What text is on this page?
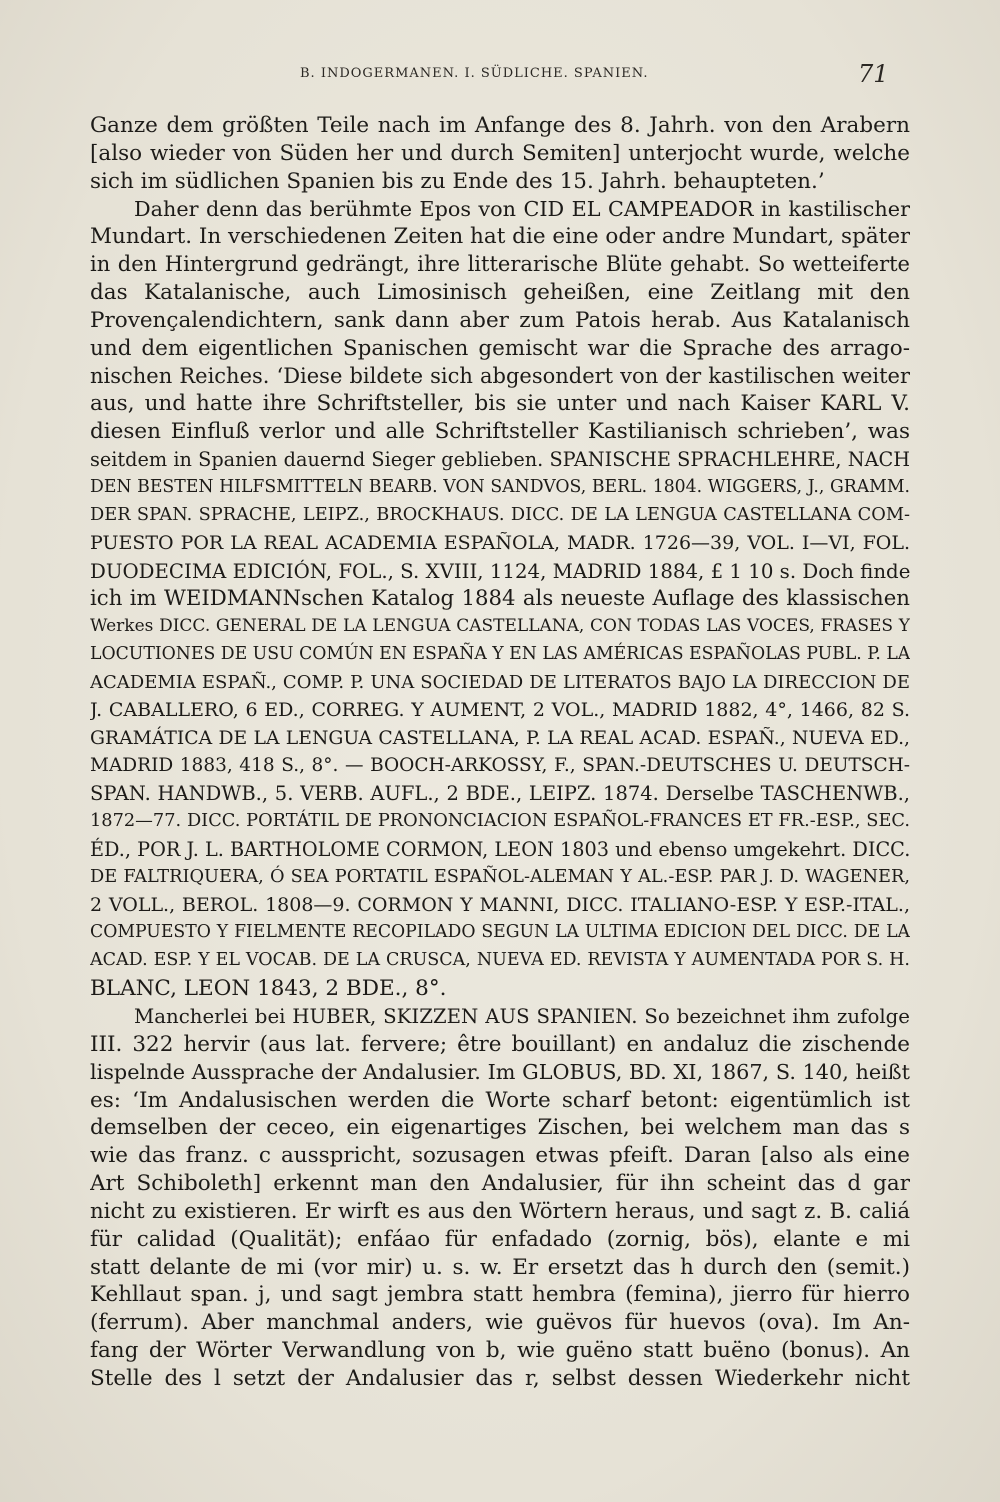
B. INDOGERMANEN. I. SÜDLICHE. SPANIEN.	71
Ganze dem größten Teile nach im Anfange des 8. Jahrh. von den Arabern
[also wieder von Süden her und durch Semiten] unterjocht wurde, welche
sich im südlichen Spanien bis zu Ende des 15. Jahrh. behaupteten.’
Daher denn das berühmte Epos von CID EL CAMPEADOR in kastilischer
Mundart. In verschiedenen Zeiten hat die eine oder andre Mundart, später
in den Hintergrund gedrängt, ihre litterarische Blüte gehabt. So wetteiferte
das Katalanische, auch Limosinisch geheißen, eine Zeitlang mit den
Provençalendichtern, sank dann aber zum Patois herab. Aus Katalanisch
und dem eigentlichen Spanischen gemischt war die Sprache des arrago-
nischen Reiches. ‘Diese bildete sich abgesondert von der kastilischen weiter
aus, und hatte ihre Schriftsteller, bis sie unter und nach Kaiser KARL V.
diesen Einfluß verlor und alle Schriftsteller Kastilianisch schrieben’, was
seitdem in Spanien dauernd Sieger geblieben. SPANISCHE SPRACHLEHRE, NACH
DEN BESTEN HILFSMITTELN BEARB. VON SANDVOS, BERL. 1804. WIGGERS, J., GRAMM.
DER SPAN. SPRACHE, LEIPZ., BROCKHAUS. DICC. DE LA LENGUA CASTELLANA COM-
PUESTO POR LA REAL ACADEMIA ESPAÑOLA, MADR. 1726—39, VOL. I—VI, FOL.
DUODECIMA EDICIÓN, FOL., S. XVIII, 1124, MADRID 1884, £ 1 10 s. Doch finde
ich im WEIDMANNschen Katalog 1884 als neueste Auflage des klassischen
Werkes DICC. GENERAL DE LA LENGUA CASTELLANA, CON TODAS LAS VOCES, FRASES Y
LOCUTIONES DE USU COMÚN EN ESPAÑA Y EN LAS AMÉRICAS ESPAÑOLAS PUBL. P. LA
ACADEMIA ESPAÑ., COMP. P. UNA SOCIEDAD DE LITERATOS BAJO LA DIRECCION DE
J. CABALLERO, 6 ED., CORREG. Y AUMENT, 2 VOL., MADRID 1882, 4°, 1466, 82 S.
GRAMÁTICA DE LA LENGUA CASTELLANA, P. LA REAL ACAD. ESPAÑ., NUEVA ED.,
MADRID 1883, 418 S., 8°. — BOOCH-ARKOSSY, F., SPAN.-DEUTSCHES U. DEUTSCH-
SPAN. HANDWB., 5. VERB. AUFL., 2 BDE., LEIPZ. 1874. Derselbe TASCHENWB.,
1872—77. DICC. PORTÁTIL DE PRONONCIACION ESPAÑOL-FRANCES ET FR.-ESP., SEC.
ÉD., POR J. L. BARTHOLOME CORMON, LEON 1803 und ebenso umgekehrt. DICC.
DE FALTRIQUERA, Ó SEA PORTATIL ESPAÑOL-ALEMAN Y AL.-ESP. PAR J. D. WAGENER,
2 VOLL., BEROL. 1808—9. CORMON Y MANNI, DICC. ITALIANO-ESP. Y ESP.-ITAL.,
COMPUESTO Y FIELMENTE RECOPILADO SEGUN LA ULTIMA EDICION DEL DICC. DE LA
ACAD. ESP. Y EL VOCAB. DE LA CRUSCA, NUEVA ED. REVISTA Y AUMENTADA POR S. H.
BLANC, LEON 1843, 2 BDE., 8°.
Mancherlei bei HUBER, SKIZZEN AUS SPANIEN. So bezeichnet ihm zufolge
III. 322 hervir (aus lat. fervere; être bouillant) en andaluz die zischende
lispelnde Aussprache der Andalusier. Im GLOBUS, BD. XI, 1867, S. 140, heißt
es: ‘Im Andalusischen werden die Worte scharf betont: eigentümlich ist
demselben der ceceo, ein eigenartiges Zischen, bei welchem man das s
wie das franz. c ausspricht, sozusagen etwas pfeift. Daran [also als eine
Art Schiboleth] erkennt man den Andalusier, für ihn scheint das d gar
nicht zu existieren. Er wirft es aus den Wörtern heraus, und sagt z. B. caliá
für calidad (Qualität); enfáao für enfadado (zornig, bös), elante e mi
statt delante de mi (vor mir) u. s. w. Er ersetzt das h durch den (semit.)
Kehllaut span. j, und sagt jembra statt hembra (femina), jierro für hierro
(ferrum). Aber manchmal anders, wie guëvos für huevos (ova). Im An-
fang der Wörter Verwandlung von b, wie guëno statt buëno (bonus). An
Stelle des l setzt der Andalusier das r, selbst dessen Wiederkehr nicht
